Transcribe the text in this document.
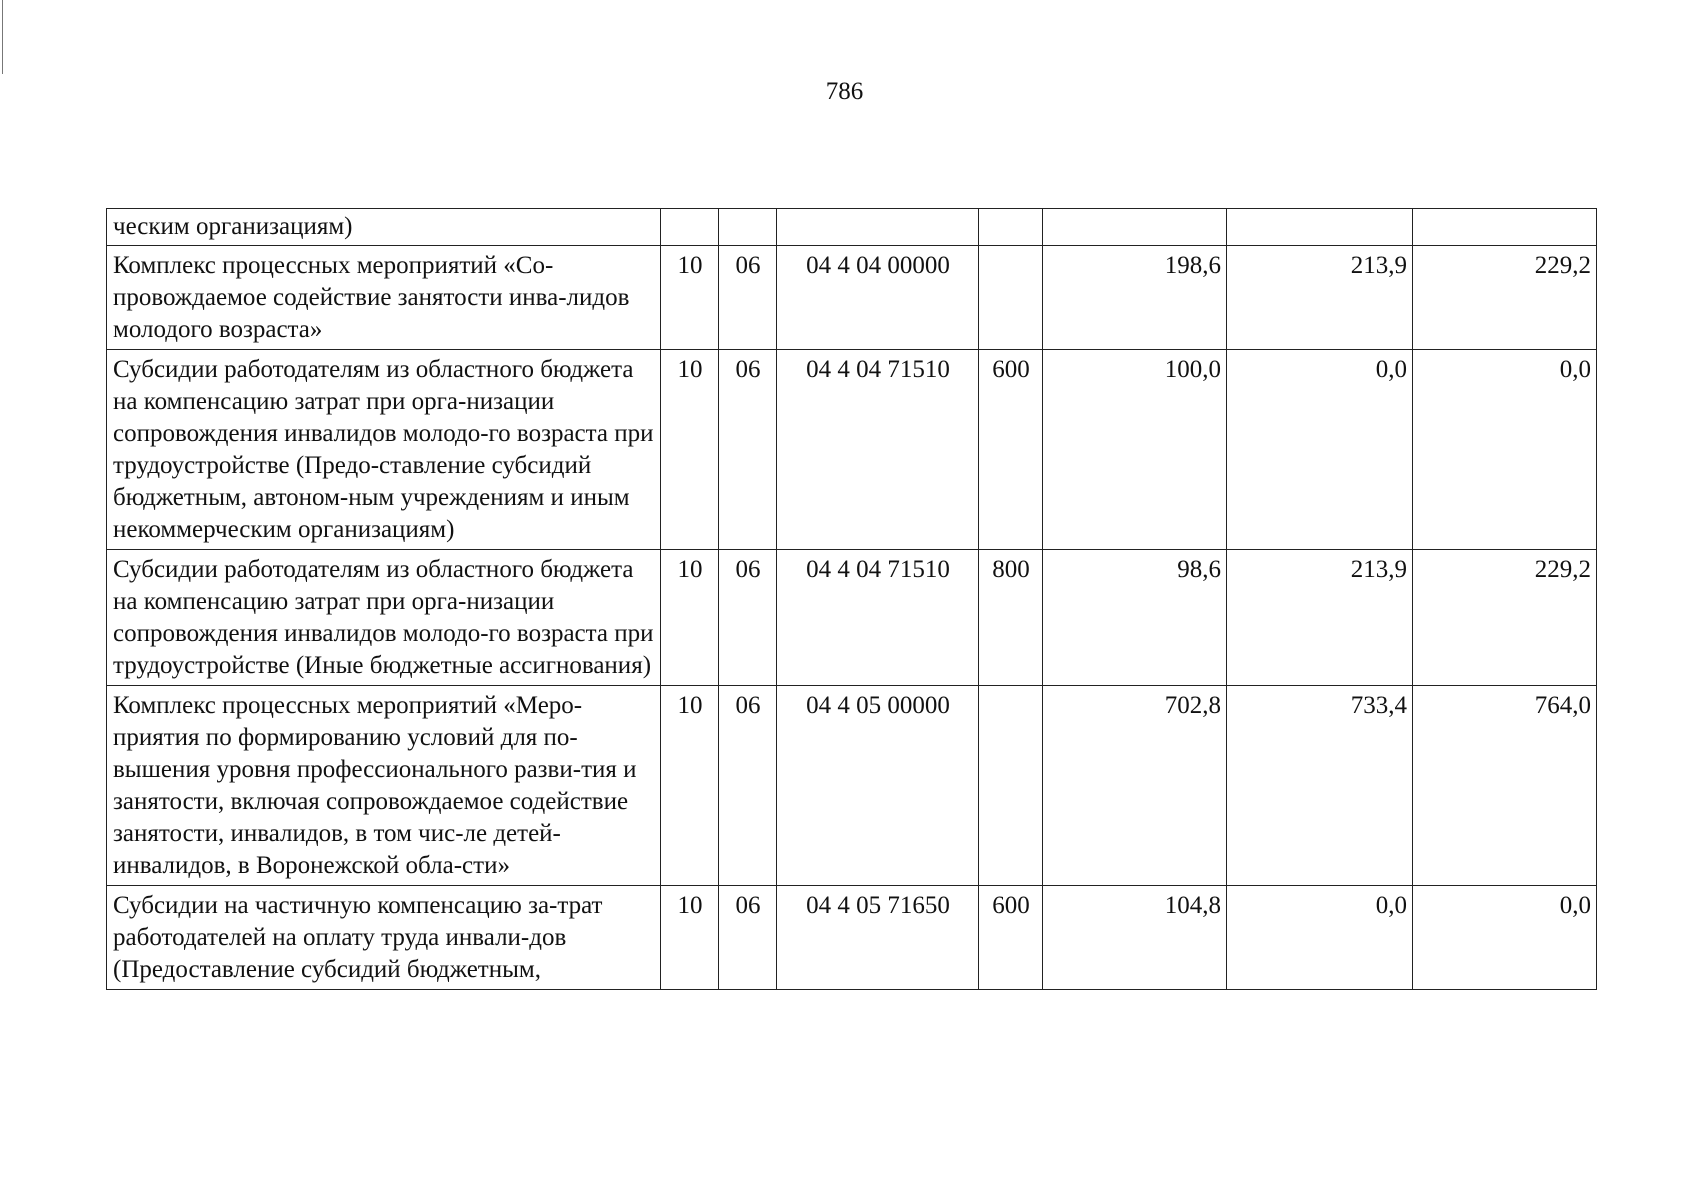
786
ческим организациям)							
Комплекс процессных мероприятий «Со-провождаемое содействие занятости инва-лидов молодого возраста»	10	06	04 4 04 00000		198,6	213,9	229,2
Субсидии работодателям из областного бюджета на компенсацию затрат при орга-низации сопровождения инвалидов молодо-го возраста при трудоустройстве (Предо-ставление субсидий бюджетным, автоном-ным учреждениям и иным некоммерческим организациям)	10	06	04 4 04 71510	600	100,0	0,0	0,0
Субсидии работодателям из областного бюджета на компенсацию затрат при орга-низации сопровождения инвалидов молодо-го возраста при трудоустройстве (Иные бюджетные ассигнования)	10	06	04 4 04 71510	800	98,6	213,9	229,2
Комплекс процессных мероприятий «Меро-приятия по формированию условий для по-вышения уровня профессионального разви-тия и занятости, включая сопровождаемое содействие занятости, инвалидов, в том чис-ле детей-инвалидов, в Воронежской обла-сти»	10	06	04 4 05 00000		702,8	733,4	764,0
Субсидии на частичную компенсацию за-трат работодателей на оплату труда инвали-дов (Предоставление субсидий бюджетным,	10	06	04 4 05 71650	600	104,8	0,0	0,0
